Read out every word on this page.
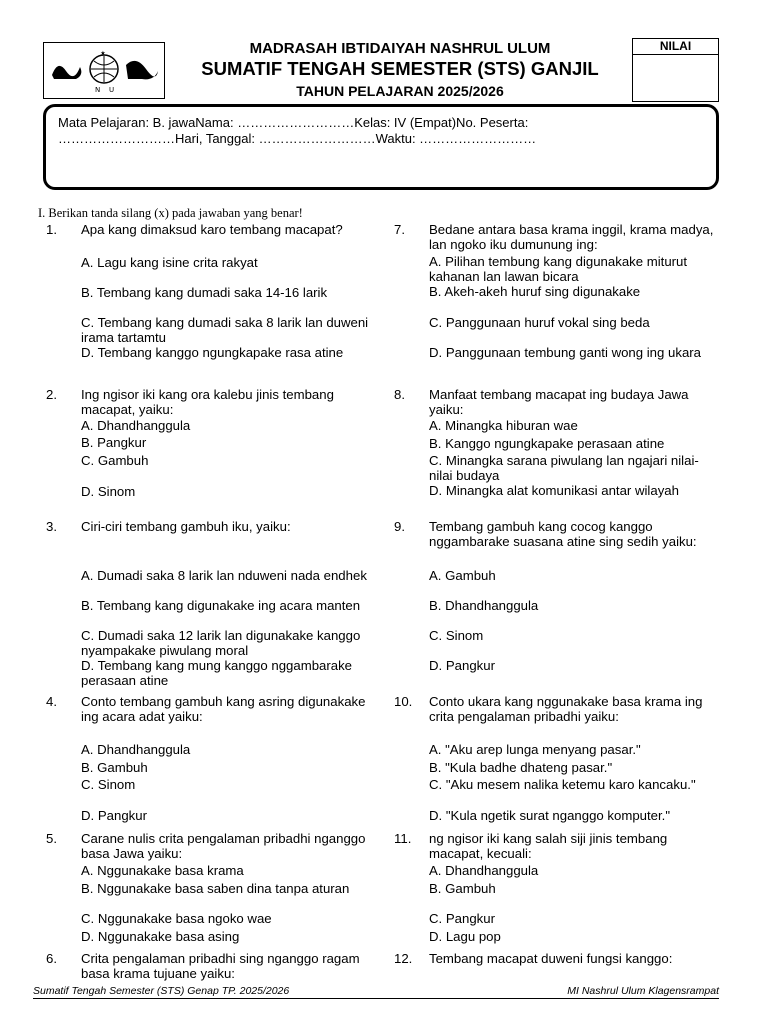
★
N U
MADRASAH IBTIDAIYAH NASHRUL ULUM
SUMATIF TENGAH SEMESTER (STS) GANJIL
TAHUN PELAJARAN 2025/2026
NILAI
Mata Pelajaran: B. jawaNama: ………………………Kelas: IV (Empat)No. Peserta:
………………………Hari, Tanggal: ………………………Waktu: ………………………
I. Berikan tanda silang (x) pada jawaban yang benar!
1. Apa kang dimaksud karo tembang macapat?
A. Lagu kang isine crita rakyat
B. Tembang kang dumadi saka 14-16 larik
C. Tembang kang dumadi saka 8 larik lan duweni irama tartamtu
D. Tembang kanggo ngungkapake rasa atine
2. Ing ngisor iki kang ora kalebu jinis tembang macapat, yaiku:
A. Dhandhanggula
B. Pangkur
C. Gambuh
D. Sinom
3. Ciri-ciri tembang gambuh iku, yaiku:
A. Dumadi saka 8 larik lan nduweni nada endhek
B. Tembang kang digunakake ing acara manten
C. Dumadi saka 12 larik lan digunakake kanggo nyampakake piwulang moral
D. Tembang kang mung kanggo nggambarake perasaan atine
4. Conto tembang gambuh kang asring digunakake ing acara adat yaiku:
A. Dhandhanggula
B. Gambuh
C. Sinom
D. Pangkur
5. Carane nulis crita pengalaman pribadhi nganggo basa Jawa yaiku:
A. Nggunakake basa krama
B. Nggunakake basa saben dina tanpa aturan
C. Nggunakake basa ngoko wae
D. Nggunakake basa asing
6. Crita pengalaman pribadhi sing nganggo ragam basa krama tujuane yaiku:
7. Bedane antara basa krama inggil, krama madya, lan ngoko iku dumunung ing:
A. Pilihan tembung kang digunakake miturut kahanan lan lawan bicara
B. Akeh-akeh huruf sing digunakake
C. Panggunaan huruf vokal sing beda
D. Panggunaan tembung ganti wong ing ukara
8. Manfaat tembang macapat ing budaya Jawa yaiku:
A. Minangka hiburan wae
B. Kanggo ngungkapake perasaan atine
C. Minangka sarana piwulang lan ngajari nilai-nilai budaya
D. Minangka alat komunikasi antar wilayah
9. Tembang gambuh kang cocog kanggo nggambarake suasana atine sing sedih yaiku:
A. Gambuh
B. Dhandhanggula
C. Sinom
D. Pangkur
10. Conto ukara kang nggunakake basa krama ing crita pengalaman pribadhi yaiku:
A. "Aku arep lunga menyang pasar."
B. "Kula badhe dhateng pasar."
C. "Aku mesem nalika ketemu karo kancaku."
D. "Kula ngetik surat nganggo komputer."
11. ng ngisor iki kang salah siji jinis tembang macapat, kecuali:
A. Dhandhanggula
B. Gambuh
C. Pangkur
D. Lagu pop
12. Tembang macapat duweni fungsi kanggo:
Sumatif Tengah Semester (STS) Genap TP. 2025/2026	MI Nashrul Ulum Klagensrampat
